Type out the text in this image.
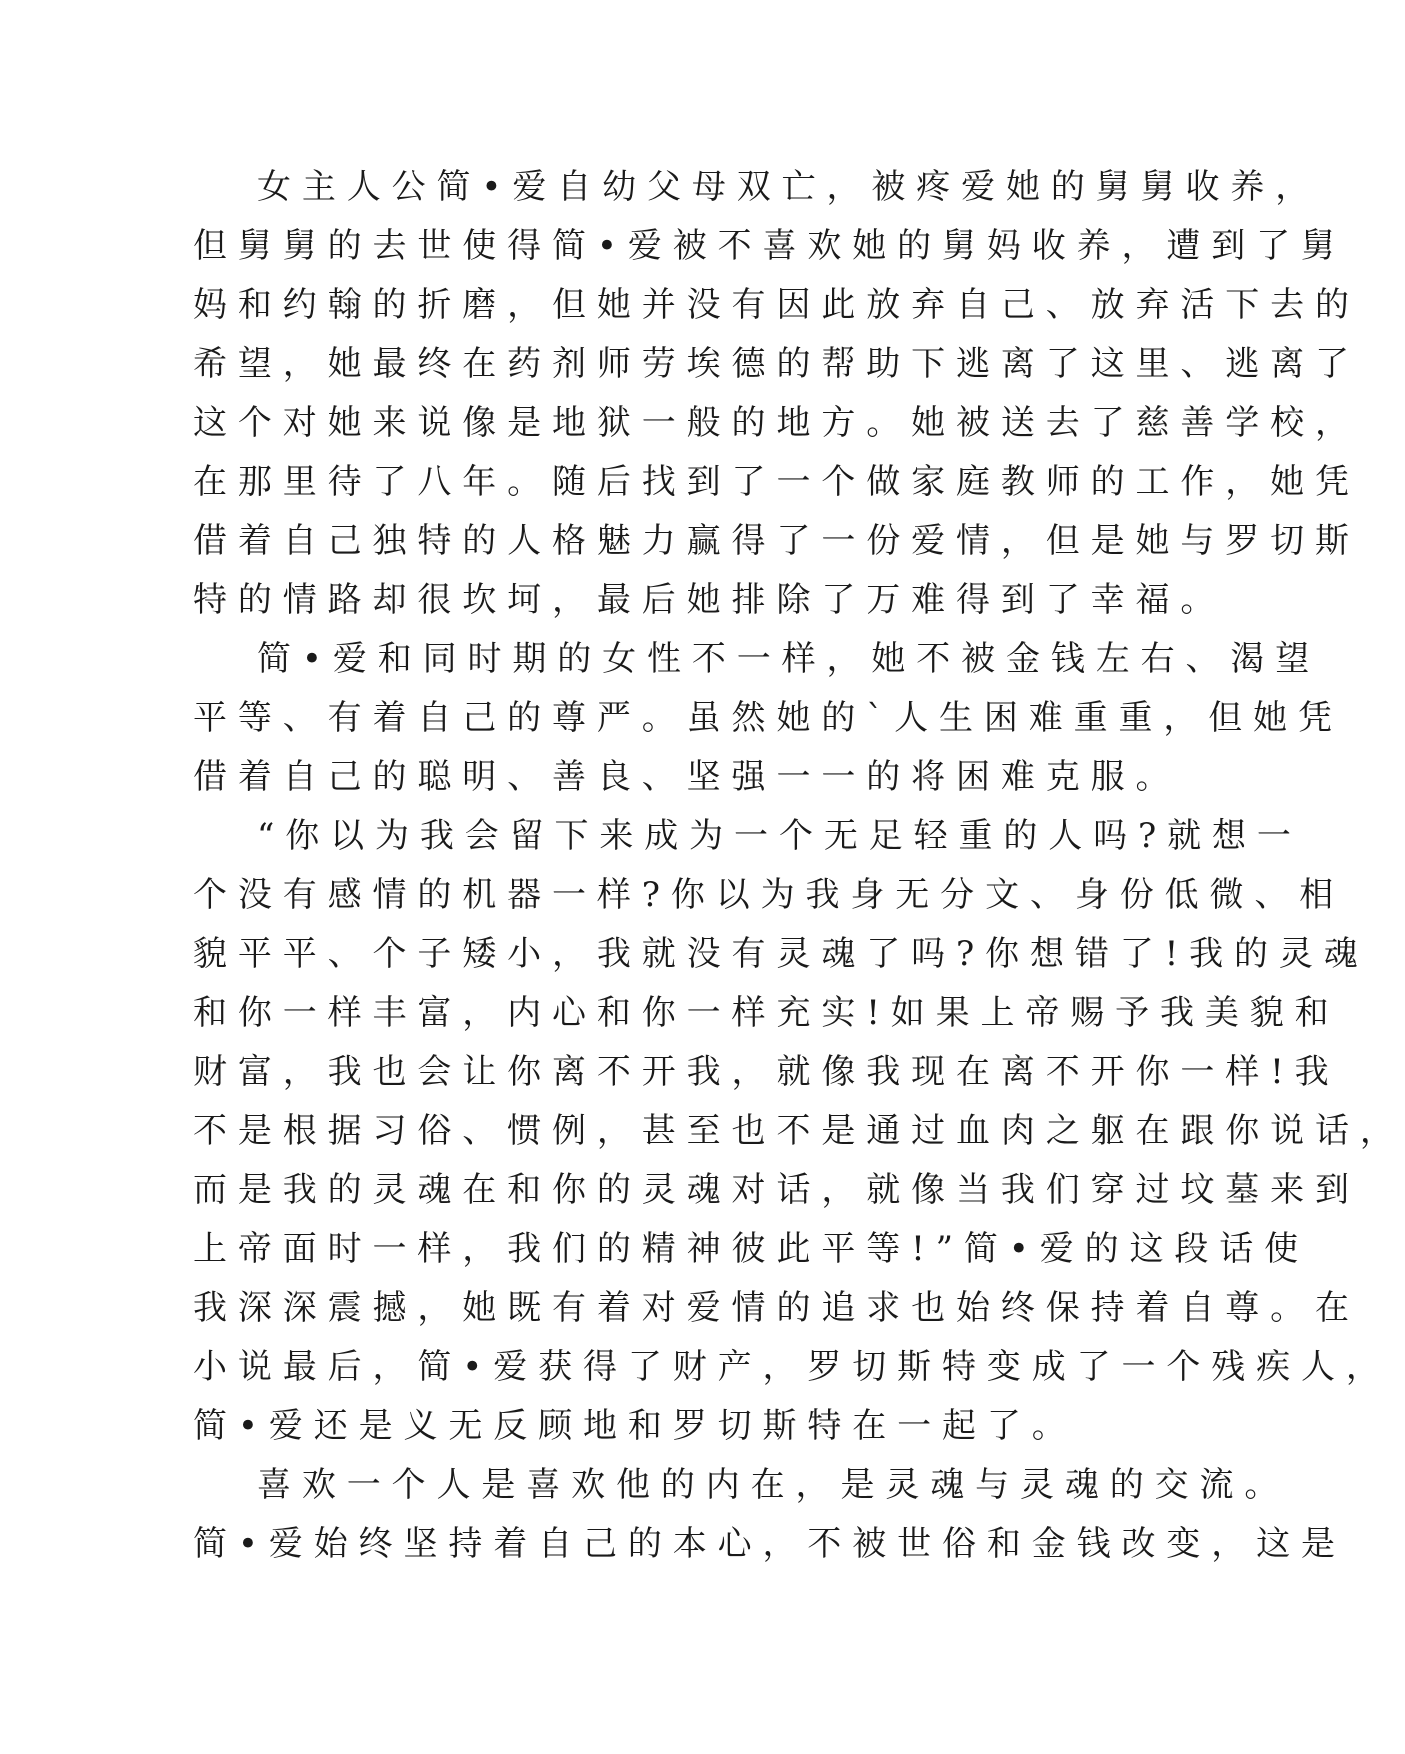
女主人公简•爱自幼父母双亡，被疼爱她的舅舅收养，
但舅舅的去世使得简•爱被不喜欢她的舅妈收养，遭到了舅
妈和约翰的折磨，但她并没有因此放弃自己、放弃活下去的
希望，她最终在药剂师劳埃德的帮助下逃离了这里、逃离了
这个对她来说像是地狱一般的地方。她被送去了慈善学校，
在那里待了八年。随后找到了一个做家庭教师的工作，她凭
借着自己独特的人格魅力赢得了一份爱情，但是她与罗切斯
特的情路却很坎坷，最后她排除了万难得到了幸福。
简•爱和同时期的女性不一样，她不被金钱左右、渴望
平等、有着自己的尊严。虽然她的`人生困难重重，但她凭
借着自己的聪明、善良、坚强一一的将困难克服。
“你以为我会留下来成为一个无足轻重的人吗?就想一
个没有感情的机器一样?你以为我身无分文、身份低微、相
貌平平、个子矮小，我就没有灵魂了吗?你想错了!我的灵魂
和你一样丰富，内心和你一样充实!如果上帝赐予我美貌和
财富，我也会让你离不开我，就像我现在离不开你一样!我
不是根据习俗、惯例，甚至也不是通过血肉之躯在跟你说话，
而是我的灵魂在和你的灵魂对话，就像当我们穿过坟墓来到
上帝面时一样，我们的精神彼此平等!”简•爱的这段话使
我深深震撼，她既有着对爱情的追求也始终保持着自尊。在
小说最后，简•爱获得了财产，罗切斯特变成了一个残疾人，
简•爱还是义无反顾地和罗切斯特在一起了。
喜欢一个人是喜欢他的内在，是灵魂与灵魂的交流。
简•爱始终坚持着自己的本心，不被世俗和金钱改变，这是
